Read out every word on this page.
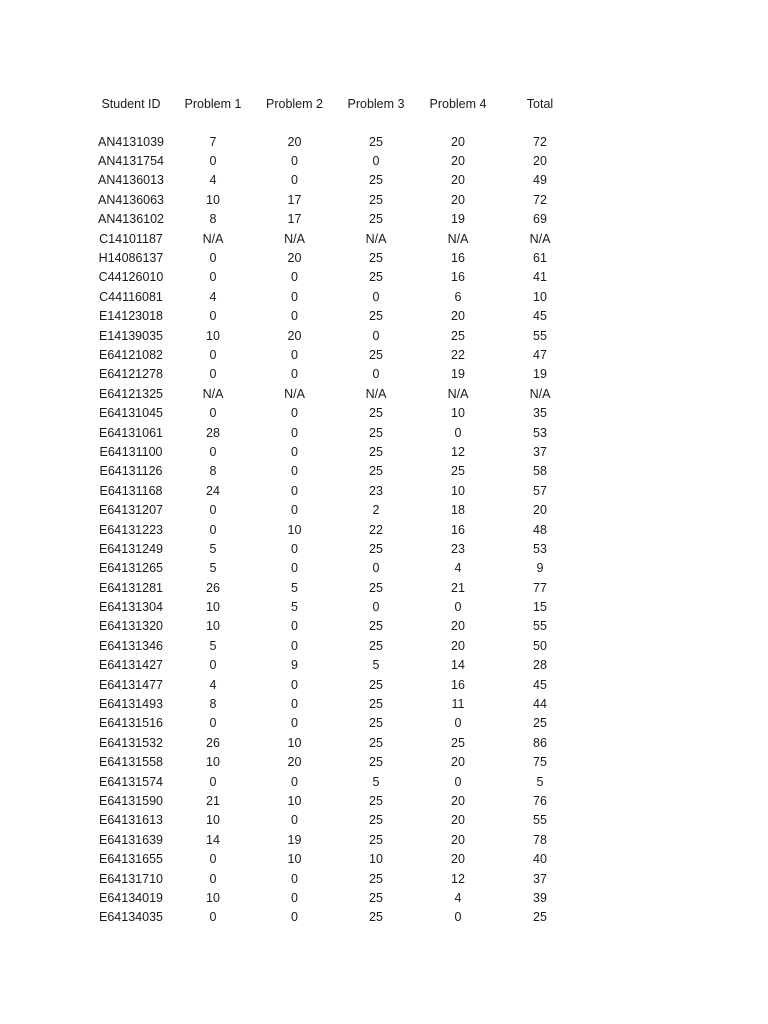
Student ID	Problem 1	Problem 2	Problem 3	Problem 4	Total

AN4131039	7	20	25	20	72
AN4131754	0	0	0	20	20
AN4136013	4	0	25	20	49
AN4136063	10	17	25	20	72
AN4136102	8	17	25	19	69
C14101187	N/A	N/A	N/A	N/A	N/A
H14086137	0	20	25	16	61
C44126010	0	0	25	16	41
C44116081	4	0	0	6	10
E14123018	0	0	25	20	45
E14139035	10	20	0	25	55
E64121082	0	0	25	22	47
E64121278	0	0	0	19	19
E64121325	N/A	N/A	N/A	N/A	N/A
E64131045	0	0	25	10	35
E64131061	28	0	25	0	53
E64131100	0	0	25	12	37
E64131126	8	0	25	25	58
E64131168	24	0	23	10	57
E64131207	0	0	2	18	20
E64131223	0	10	22	16	48
E64131249	5	0	25	23	53
E64131265	5	0	0	4	9
E64131281	26	5	25	21	77
E64131304	10	5	0	0	15
E64131320	10	0	25	20	55
E64131346	5	0	25	20	50
E64131427	0	9	5	14	28
E64131477	4	0	25	16	45
E64131493	8	0	25	11	44
E64131516	0	0	25	0	25
E64131532	26	10	25	25	86
E64131558	10	20	25	20	75
E64131574	0	0	5	0	5
E64131590	21	10	25	20	76
E64131613	10	0	25	20	55
E64131639	14	19	25	20	78
E64131655	0	10	10	20	40
E64131710	0	0	25	12	37
E64134019	10	0	25	4	39
E64134035	0	0	25	0	25
